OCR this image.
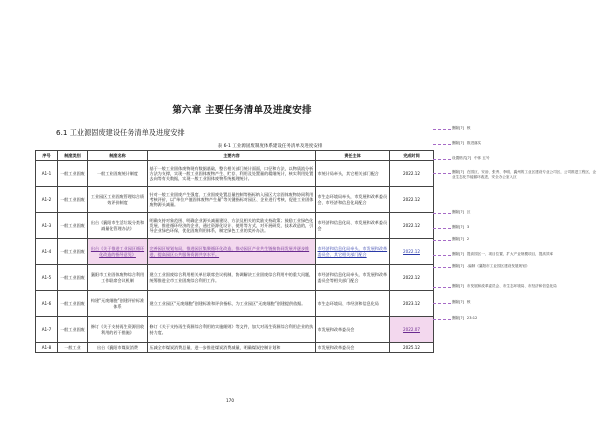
第六章 主要任务清单及进度安排
6.1 工业源固废建设任务清单及进度安排
表 6-1 工业源固废制度体系建设任务清单及进度安排
序号	制度类别	制度名称	主要内容	责任主体	完成时间
A1-1	一般工业固废	一般工业固废统计制度	基于一般工业固体废物现有数据基础，整合相关部门统计面面，口径和方法，以物质流分析方法为支撑，实现一般工业固体废物产生、贮存、利用及处置量的精细统计，核实利用处置去向等有关数据，实现一般工业固体废物系统梳理统计。	市统计局牵头，其它相关部门配合	2022.12
A1-2	一般工业固废	工业园区工业固废管理综合绩效评价制度	针对一般工业固废产生强度、工业固废处置总量控制等指标纳入园区大宗固体废物协同利用考核评价，以“单位产值固体废物产生量”等关键指标对园区、企业进行考核，促进工业固体废物源头减量。	市生态环境局牵头，市发展和改革委员会、市经济和信息化局配合	2022.12
A1-3	一般工业固废	出台《襄阳市生活垃圾分类和减量化管理办法》	明确支持对象范围、明确企业源头减量建设、方法及相关的奖励支持政策；鼓励工业绿色化发展、推进循环经济的企业，通过资源化设计、使用等方式，对开展研发、技术改造的，引导企业绿色环保，优化固废利用体系，制定绿色工业的奖补办法。	市经济和信息化局、市发展和改革委员会	2022.12
A1-4	一般工业固废	出台《关于推进工业园区循环化改造的指导意见》	完善园区规划布局，推进园区集聚循环化改造，推动园区产业共生链接协同发展并逐步推进，提高园区公共服务资源共享水平。	市经济和信息化局牵头，市发展和改革委员会、其它相关部门配合	2022.12
A1-5	一般工业固废	襄阳市工业固体废物综合利用工作联席会议机制	建立工业固废综合利用相关单位联席会议机制，协调解决工业固废综合利用中的重大问题，统筹推进全市工业固废综合利用工作。	市经济和信息化局牵头，市发展和改革委员会等相关部门配合	2022.12
A1-6	一般工业固废	构建“无废细胞”创建评价标准体系	建立工业园区“无废细胞”创建标准和评价指标，为工业园区“无废细胞”创建提供依据。	市生态环境局、市经济和信息化局	2023.12
A1-7	一般工业固废	修订《关于支持再生资源回收利用的若干措施》	修订《关于支持再生资源综合利用的实施细则》等文件，加大对再生资源综合利用企业的扶持力度。	市发展和改革委员会	2022.07
A1-8	一般工业	出台《襄阳市煤炭消费	压减全市煤炭消费总量，进一步推进煤炭消费减量，明确煤炭控制计划和	市发展和改革委员会	2025.12
170
删除[?] 核
删除[?] 推进落实
设置格式[?] 中体 五号
删除[?] 在园区，安治、张秀、李明、襄州的工业区建设专业公司区，公司推进工程区，企业生态化节能循环改进，安全办公室入区
删除[?] 区
删除[?] 3
删除[?] 2
删除[?] 提高园区一、项目位置，扩大产业规模项目，提高效率
删除[?] -编制《襄阳市工业园区建设发展规划》
删除[?] 市发展和改革委员会、市生态环境局、市经济和信息化局
删除[?] 核
删除[?] 23:12
